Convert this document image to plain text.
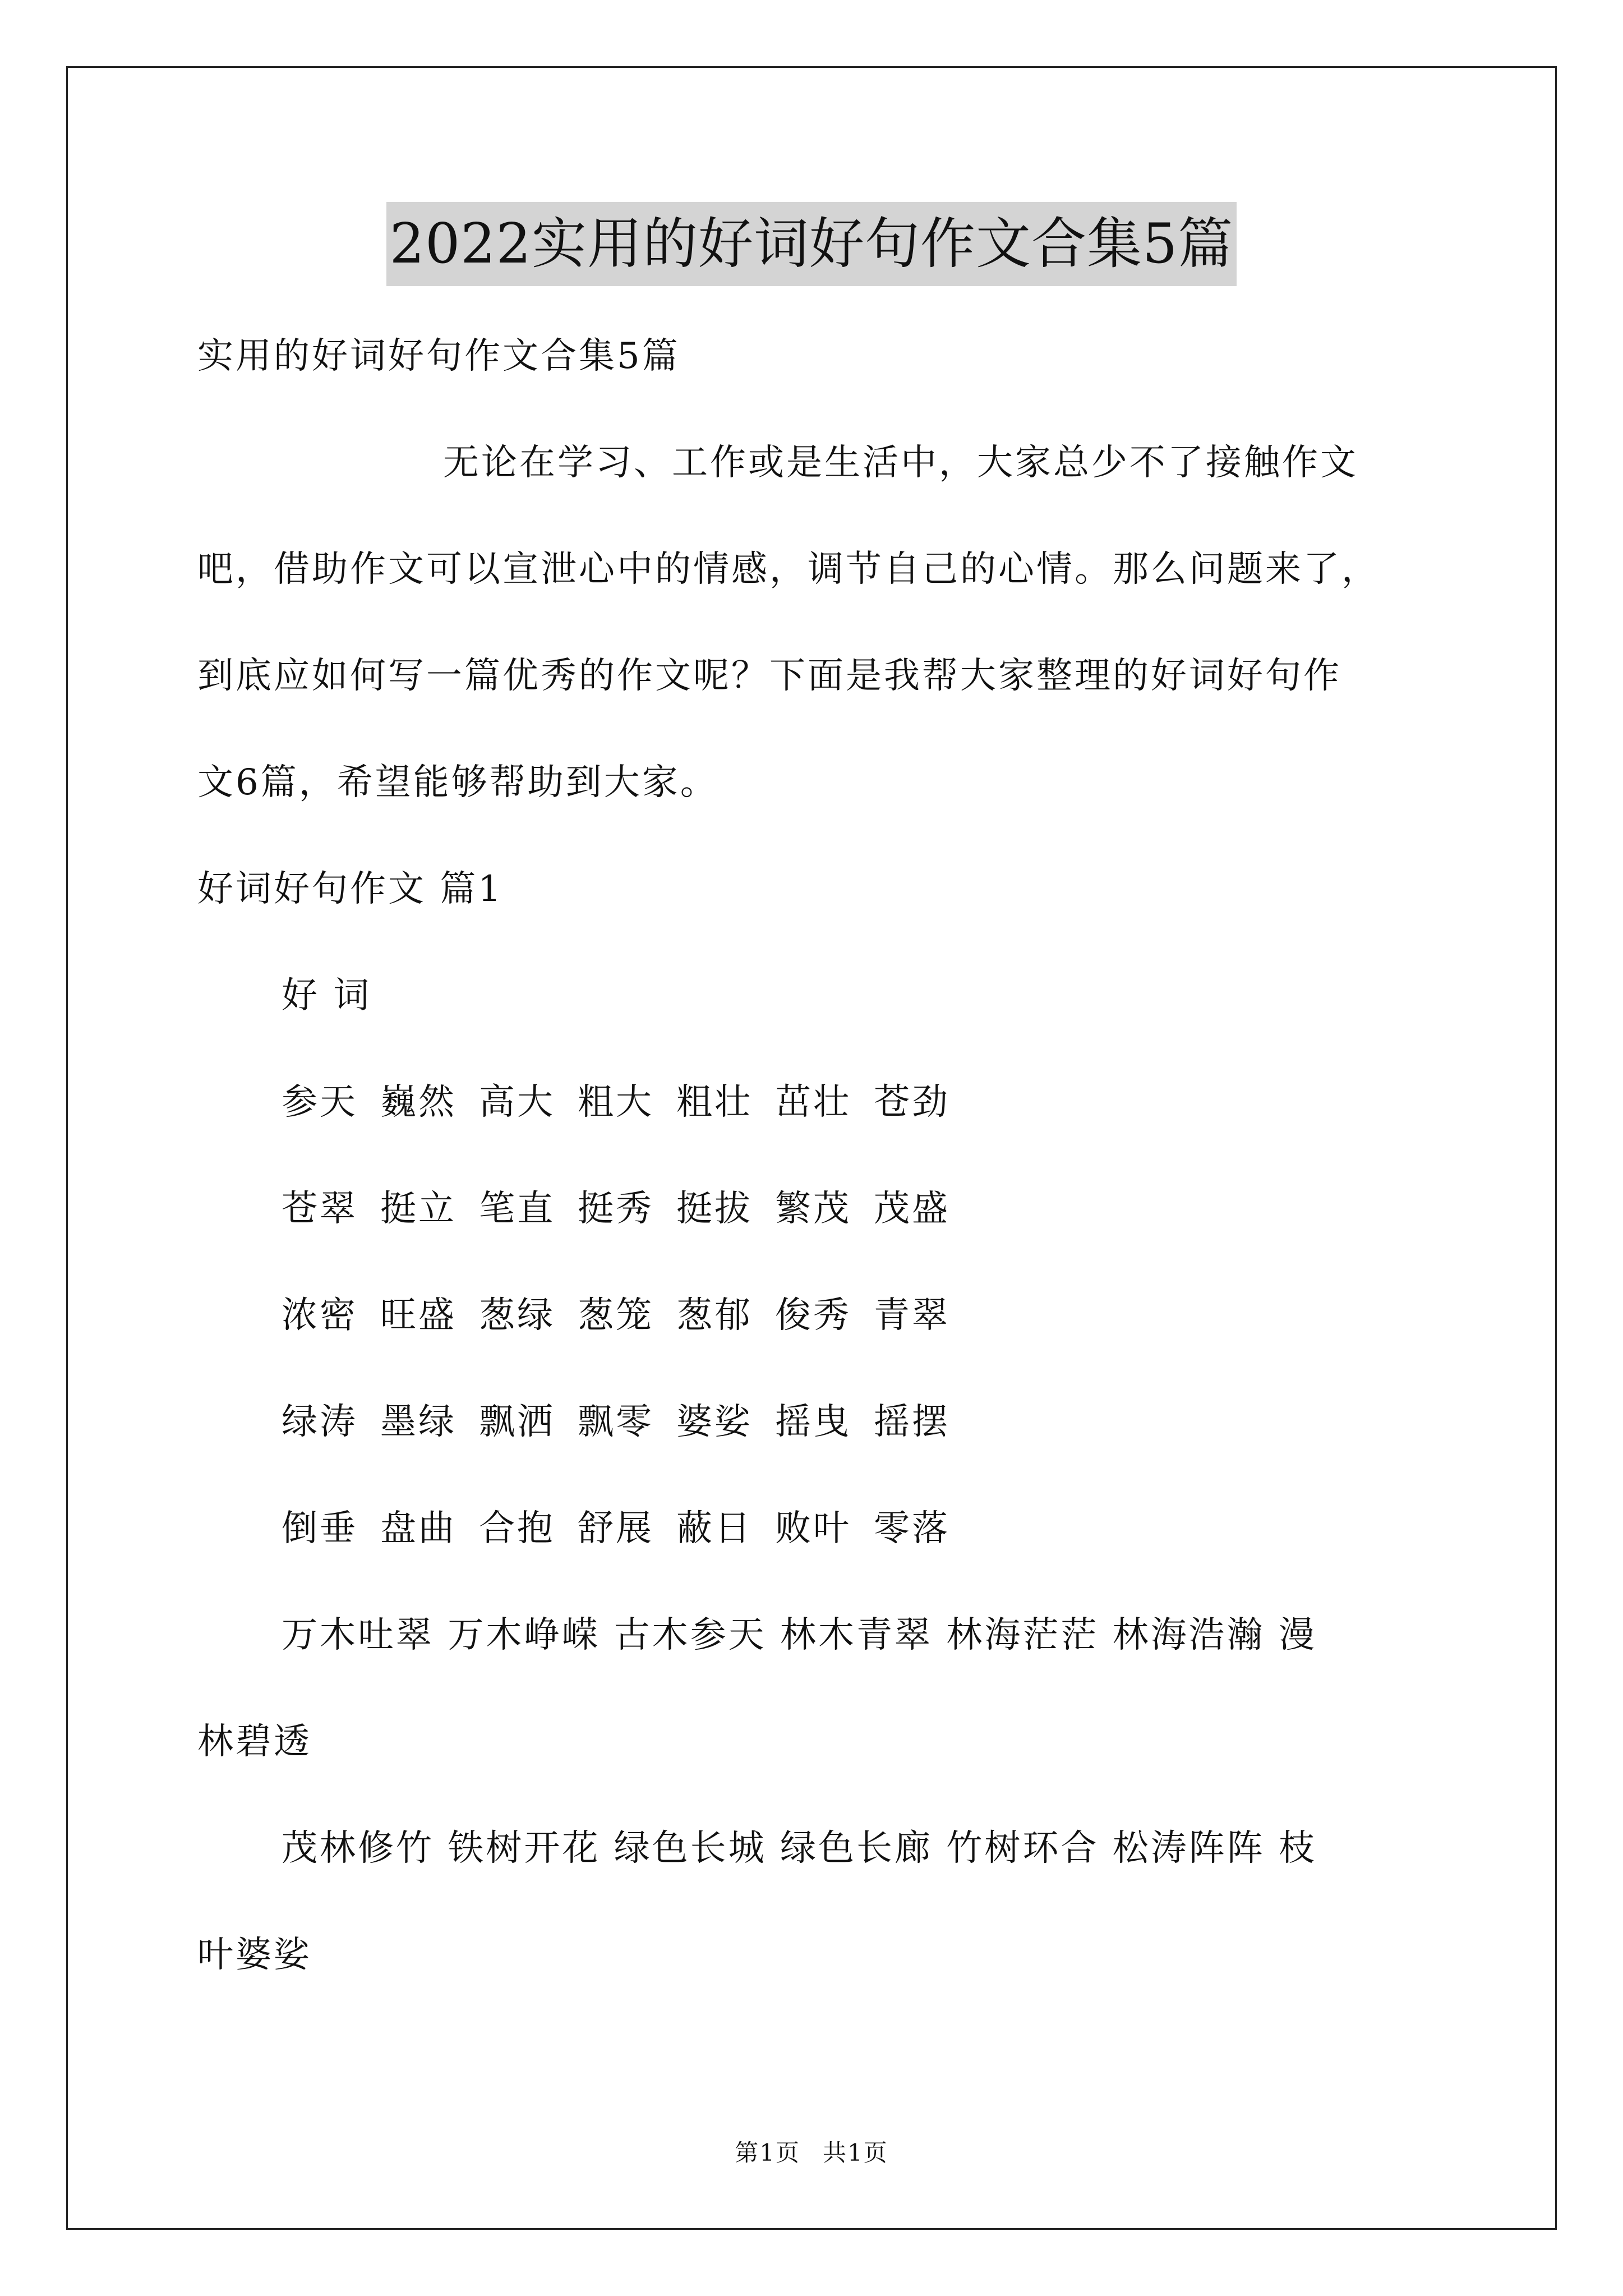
2022实用的好词好句作文合集5篇
实用的好词好句作文合集5篇
无论在学习、工作或是生活中，大家总少不了接触作文
吧，借助作文可以宣泄心中的情感，调节自己的心情。那么问题来了，
到底应如何写一篇优秀的作文呢？下面是我帮大家整理的好词好句作
文6篇，希望能够帮助到大家。
好词好句作文 篇1
好 词
参天 巍然 高大 粗大 粗壮 茁壮 苍劲
苍翠 挺立 笔直 挺秀 挺拔 繁茂 茂盛
浓密 旺盛 葱绿 葱笼 葱郁 俊秀 青翠
绿涛 墨绿 飘洒 飘零 婆娑 摇曳 摇摆
倒垂 盘曲 合抱 舒展 蔽日 败叶 零落
万木吐翠 万木峥嵘 古木参天 林木青翠 林海茫茫 林海浩瀚 漫
林碧透
茂林修竹 铁树开花 绿色长城 绿色长廊 竹树环合 松涛阵阵 枝
叶婆娑
第1页 共1页
